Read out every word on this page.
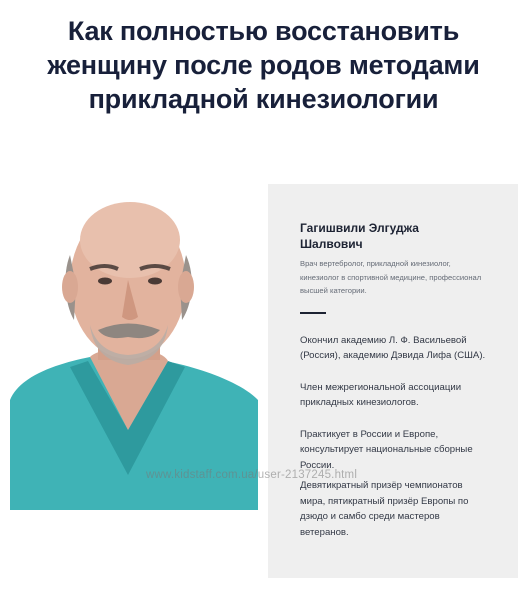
Как полностью восстановить женщину после родов методами прикладной кинезиологии
Гагишвили Элгуджа Шалвович
Врач вертебролог, прикладной кинезиолог, кинезиолог в спортивной медицине, профессионал высшей категории.

Окончил академию Л. Ф. Васильевой (Россия), академию Дэвида Лифа (США).

Член межрегиональной ассоциации прикладных кинезиологов.

Практикует в России и Европе, консультирует национальные сборные России.

Девятикратный призёр чемпионатов мира, пятикратный призёр Европы по дзюдо и самбо среди мастеров ветеранов.

www.kidstaff.com.ua/user-2137245.html
